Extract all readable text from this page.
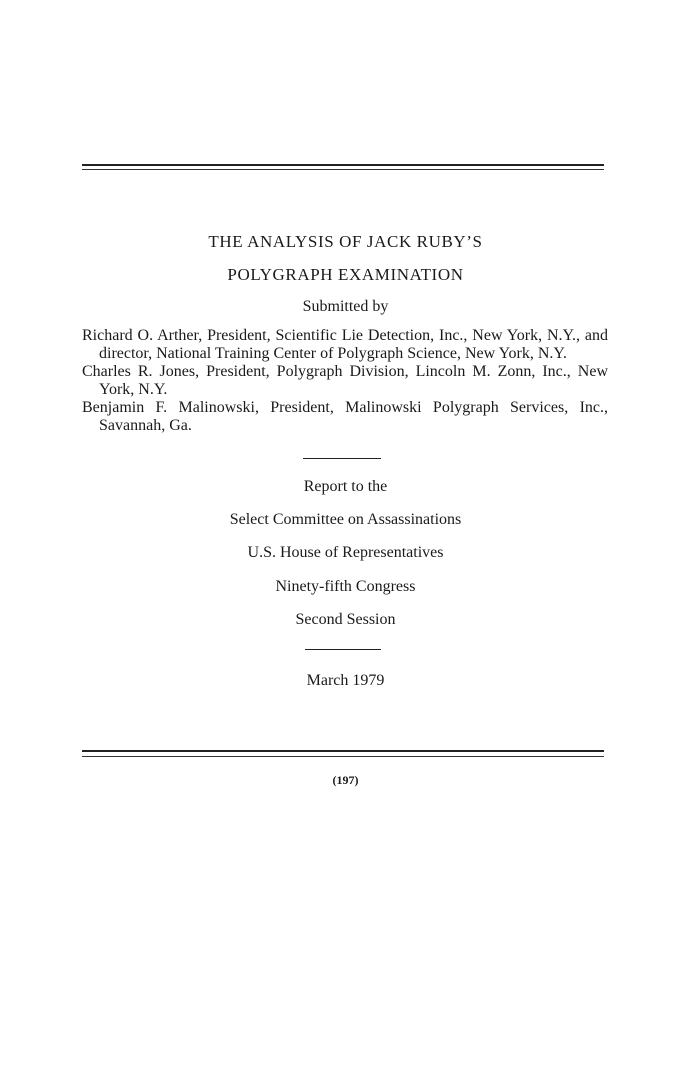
THE ANALYSIS OF JACK RUBY’S
POLYGRAPH EXAMINATION
Submitted by
Richard O. Arther, President, Scientific Lie Detection, Inc., New York, N.Y., and director, National Training Center of Polygraph Science, New York, N.Y.
Charles R. Jones, President, Polygraph Division, Lincoln M. Zonn, Inc., New York, N.Y.
Benjamin F. Malinowski, President, Malinowski Polygraph Services, Inc., Savannah, Ga.
Report to the
Select Committee on Assassinations
U.S. House of Representatives
Ninety-fifth Congress
Second Session
March 1979
(197)
